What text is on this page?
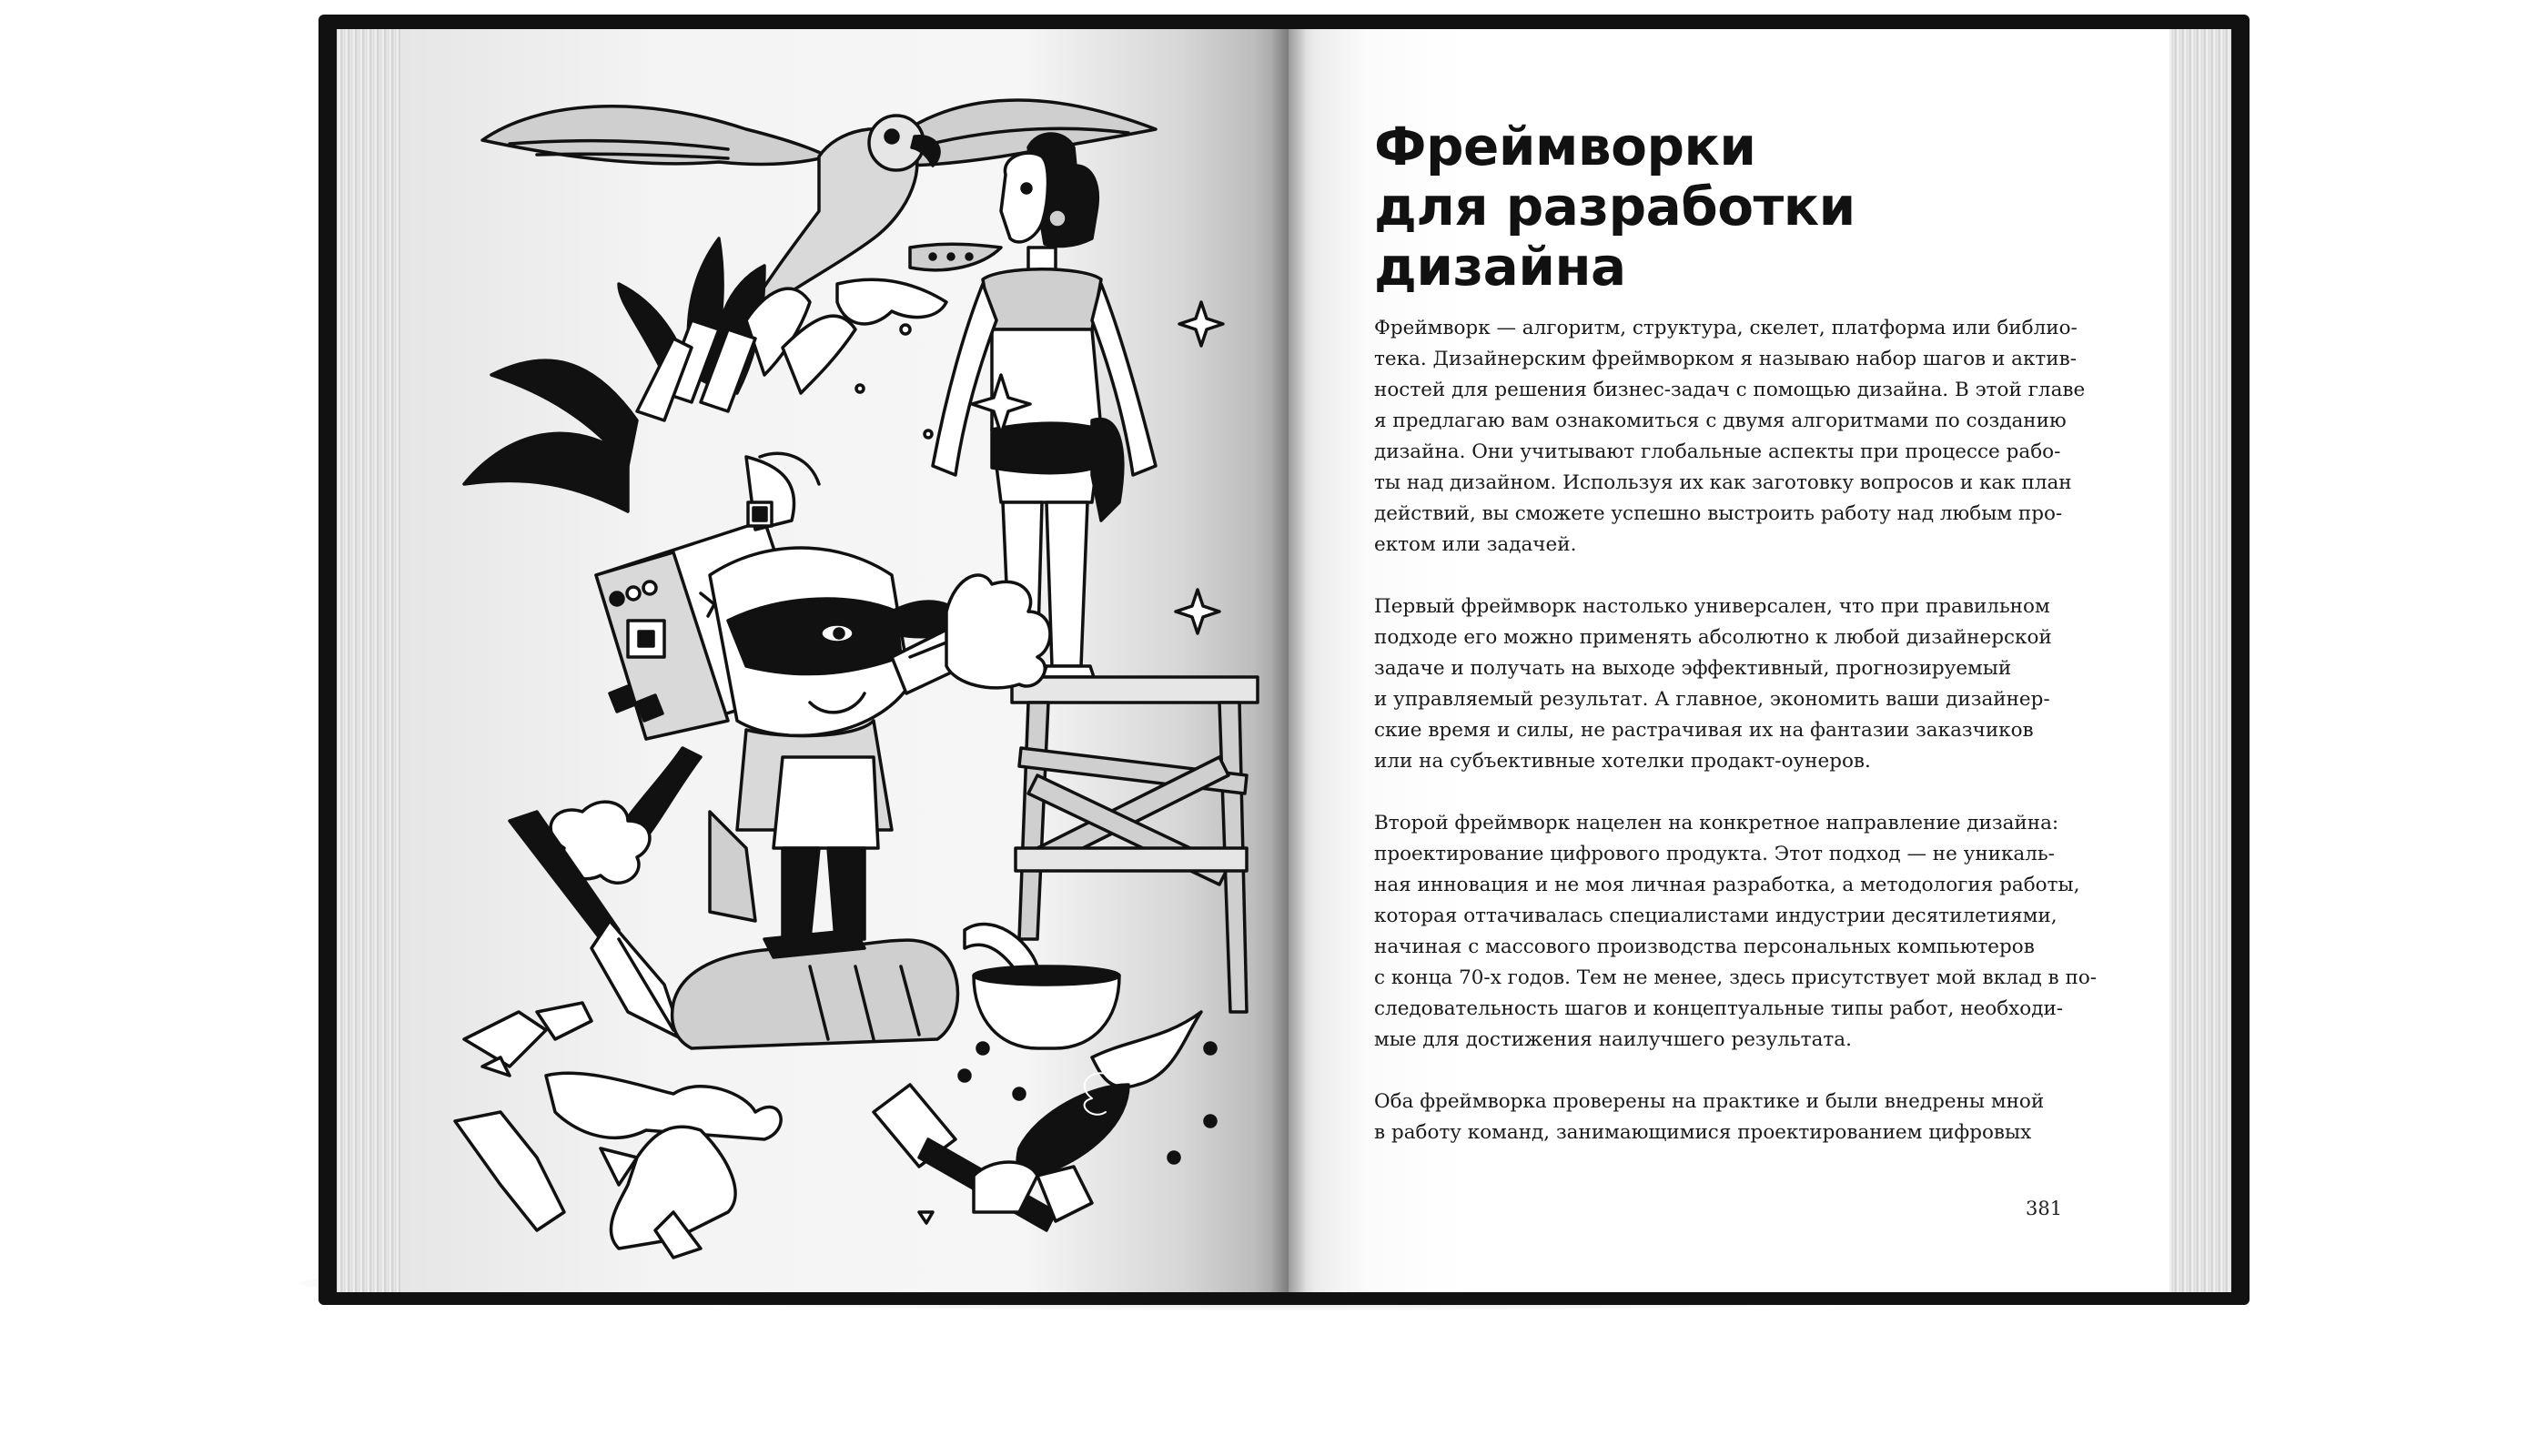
Фреймворки
для разработки дизайна

Фреймворк — алгоритм, структура, скелет, платформа или библио-
тека. Дизайнерским фреймворком я называю набор шагов и актив-
ностей для решения бизнес-задач с помощью дизайна. В этой главе
я предлагаю вам ознакомиться с двумя алгоритмами по созданию
дизайна. Они учитывают глобальные аспекты при процессе рабо-
ты над дизайном. Используя их как заготовку вопросов и как план
действий, вы сможете успешно выстроить работу над любым про-
ектом или задачей.

Первый фреймворк настолько универсален, что при правильном
подходе его можно применять абсолютно к любой дизайнерской
задаче и получать на выходе эффективный, прогнозируемый
и управляемый результат. А главное, экономить ваши дизайнер-
ские время и силы, не растрачивая их на фантазии заказчиков
или на субъективные хотелки продакт-оунеров.

Второй фреймворк нацелен на конкретное направление дизайна:
проектирование цифрового продукта. Этот подход — не уникаль-
ная инновация и не моя личная разработка, а методология работы,
которая оттачивалась специалистами индустрии десятилетиями,
начиная с массового производства персональных компьютеров
с конца 70-х годов. Тем не менее, здесь присутствует мой вклад в по-
следовательность шагов и концептуальные типы работ, необходи-
мые для достижения наилучшего результата.

Оба фреймворка проверены на практике и были внедрены мной
в работу команд, занимающимися проектированием цифровых

381
